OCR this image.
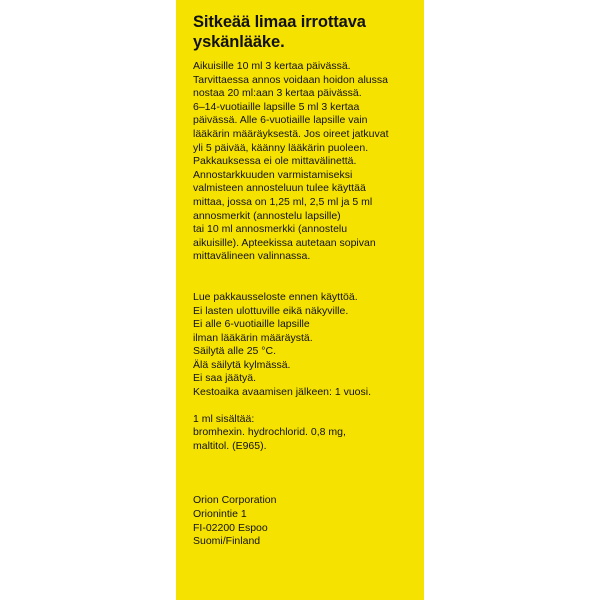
Sitkeää limaa irrottava
yskänlääke.
Aikuisille 10 ml 3 kertaa päivässä.
Tarvittaessa annos voidaan hoidon alussa
nostaa 20 ml:aan 3 kertaa päivässä.
6–14-vuotiaille lapsille 5 ml 3 kertaa
päivässä. Alle 6-vuotiaille lapsille vain
lääkärin määräyksestä. Jos oireet jatkuvat
yli 5 päivää, käänny lääkärin puoleen.
Pakkauksessa ei ole mittavälinettä.
Annostarkkuuden varmistamiseksi
valmisteen annosteluun tulee käyttää
mittaa, jossa on 1,25 ml, 2,5 ml ja 5 ml
annosmerkit (annostelu lapsille)
tai 10 ml annosmerkki (annostelu
aikuisille). Apteekissa autetaan sopivan
mittavälineen valinnassa.
Lue pakkausseloste ennen käyttöä.
Ei lasten ulottuville eikä näkyville.
Ei alle 6-vuotiaille lapsille
ilman lääkärin määräystä.
Säilytä alle 25 °C.
Älä säilytä kylmässä.
Ei saa jäätyä.
Kestoaika avaamisen jälkeen: 1 vuosi.
1 ml sisältää:
bromhexin. hydrochlorid. 0,8 mg,
maltitol. (E965).
Orion Corporation
Orionintie 1
FI-02200 Espoo
Suomi/Finland
